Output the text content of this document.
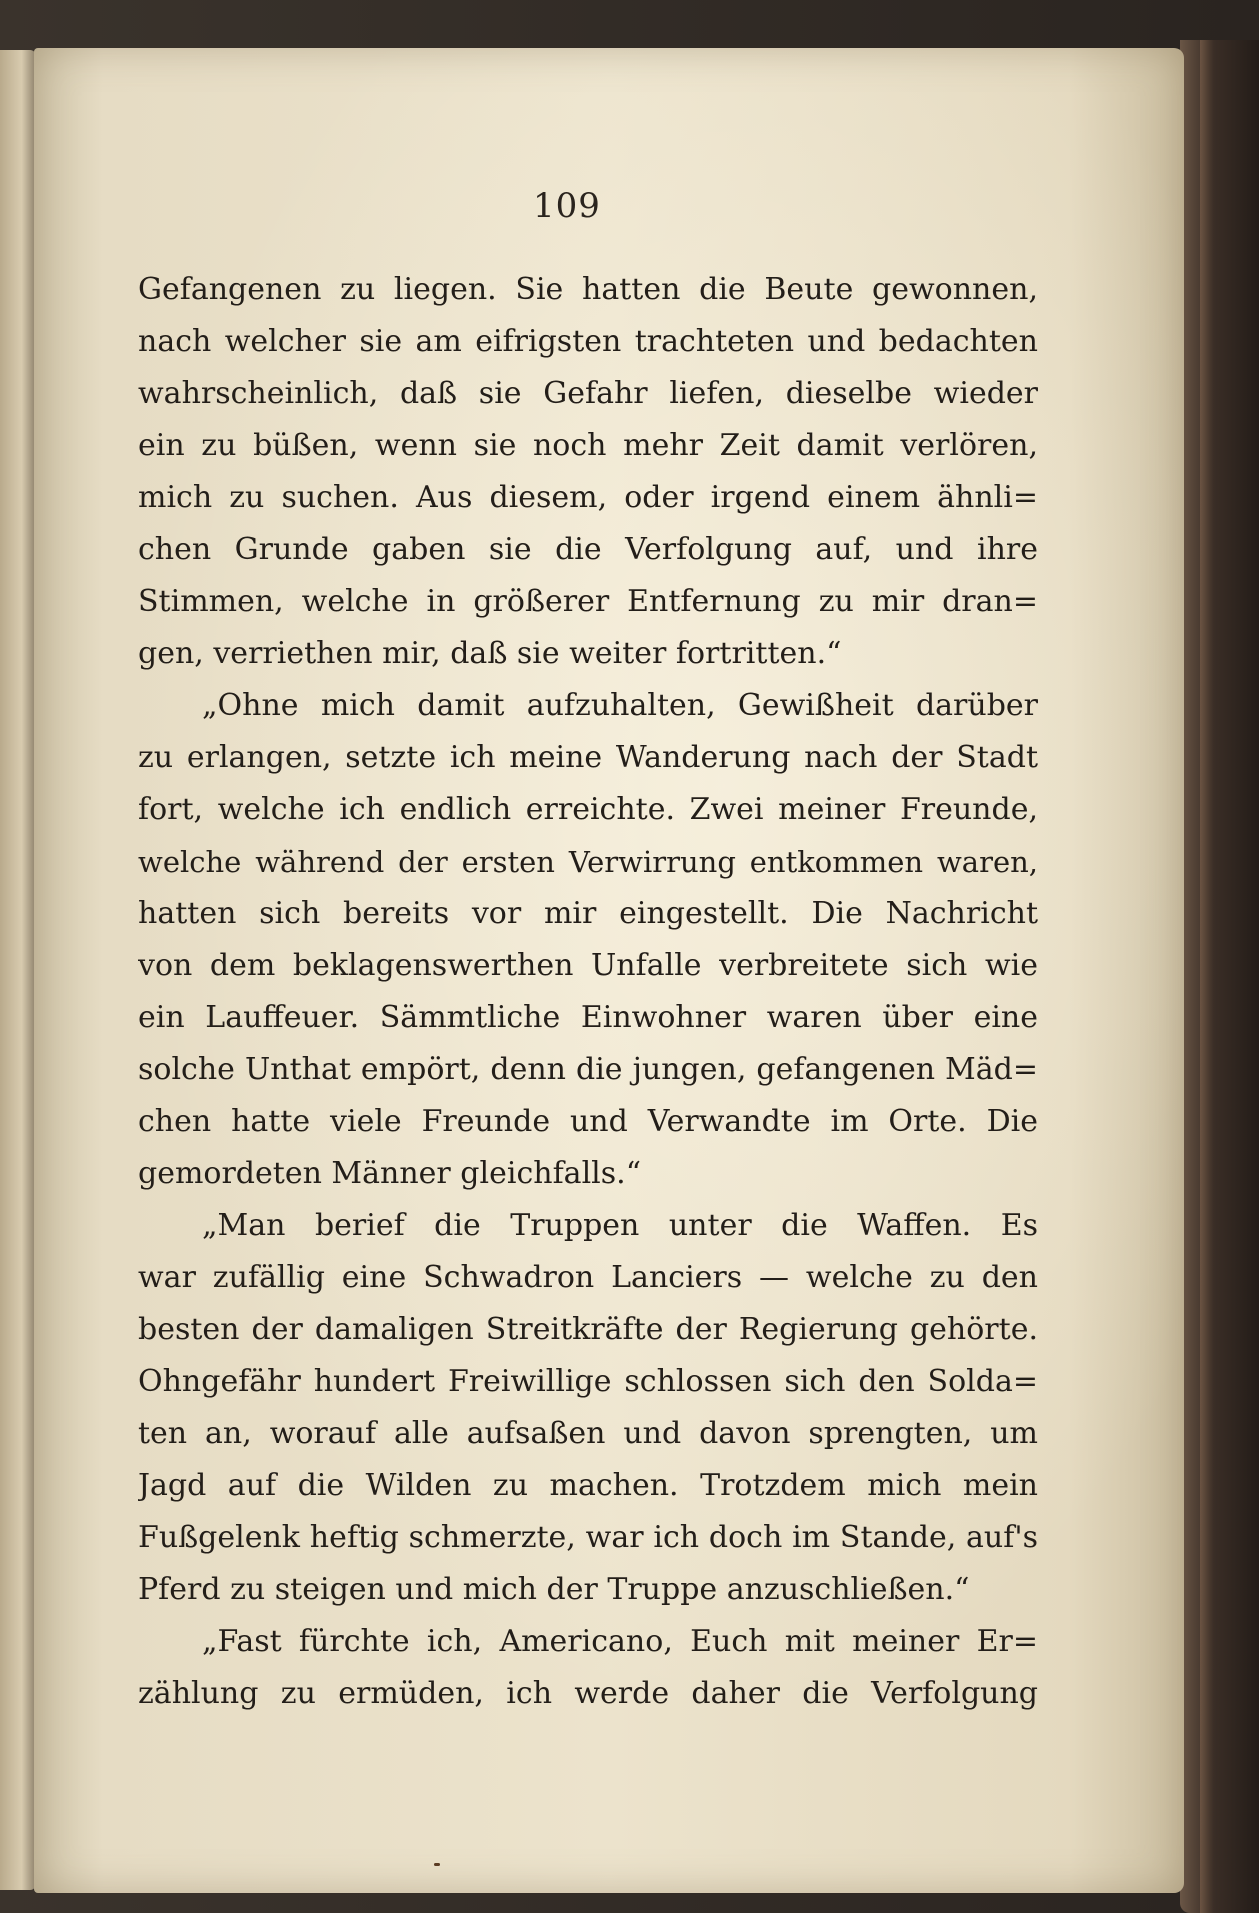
109
Gefangenen zu liegen. Sie hatten die Beute gewonnen,
nach welcher sie am eifrigsten trachteten und bedachten
wahrscheinlich, daß sie Gefahr liefen, dieselbe wieder
ein zu büßen, wenn sie noch mehr Zeit damit verlören,
mich zu suchen. Aus diesem, oder irgend einem ähnli=
chen Grunde gaben sie die Verfolgung auf, und ihre
Stimmen, welche in größerer Entfernung zu mir dran=
gen, verriethen mir, daß sie weiter fortritten.“
„Ohne mich damit aufzuhalten, Gewißheit darüber
zu erlangen, setzte ich meine Wanderung nach der Stadt
fort, welche ich endlich erreichte. Zwei meiner Freunde,
welche während der ersten Verwirrung entkommen waren,
hatten sich bereits vor mir eingestellt. Die Nachricht
von dem beklagenswerthen Unfalle verbreitete sich wie
ein Lauffeuer. Sämmtliche Einwohner waren über eine
solche Unthat empört, denn die jungen, gefangenen Mäd=
chen hatte viele Freunde und Verwandte im Orte. Die
gemordeten Männer gleichfalls.“
„Man berief die Truppen unter die Waffen. Es
war zufällig eine Schwadron Lanciers — welche zu den
besten der damaligen Streitkräfte der Regierung gehörte.
Ohngefähr hundert Freiwillige schlossen sich den Solda=
ten an, worauf alle aufsaßen und davon sprengten, um
Jagd auf die Wilden zu machen. Trotzdem mich mein
Fußgelenk heftig schmerzte, war ich doch im Stande, auf's
Pferd zu steigen und mich der Truppe anzuschließen.“
„Fast fürchte ich, Americano, Euch mit meiner Er=
zählung zu ermüden, ich werde daher die Verfolgung
